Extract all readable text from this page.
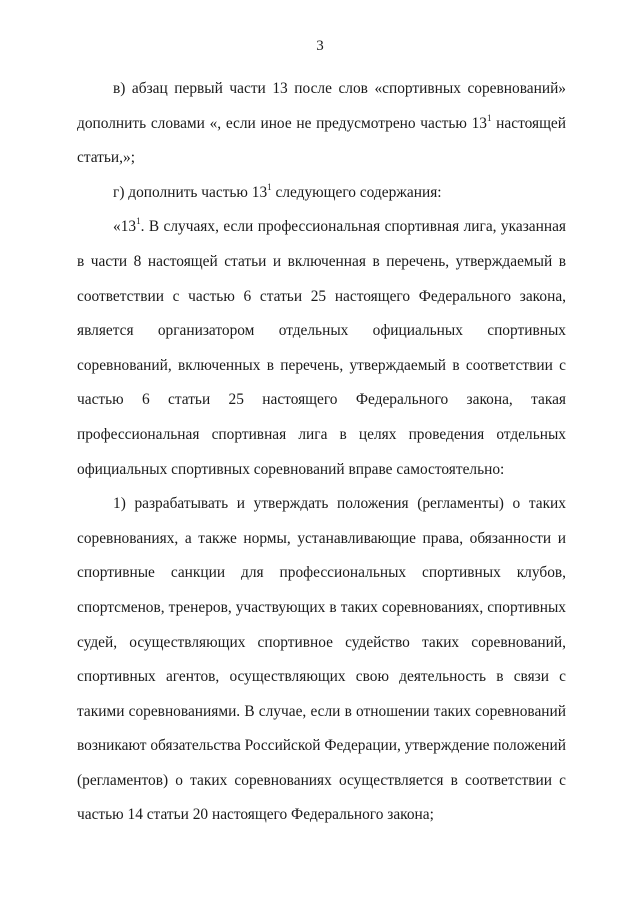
3

в) абзац первый части 13 после слов «спортивных соревнований» дополнить словами «, если иное не предусмотрено частью $13^1$ настоящей статьи,»;

г) дополнить частью $13^1$ следующего содержания:

«$13^1$. В случаях, если профессиональная спортивная лига, указанная в части 8 настоящей статьи и включенная в перечень, утверждаемый в соответствии с частью 6 статьи 25 настоящего Федерального закона, является организатором отдельных официальных спортивных соревнований, включенных в перечень, утверждаемый в соответствии с частью 6 статьи 25 настоящего Федерального закона, такая профессиональная спортивная лига в целях проведения отдельных официальных спортивных соревнований вправе самостоятельно:

1) разрабатывать и утверждать положения (регламенты) о таких соревнованиях, а также нормы, устанавливающие права, обязанности и спортивные санкции для профессиональных спортивных клубов, спортсменов, тренеров, участвующих в таких соревнованиях, спортивных судей, осуществляющих спортивное судейство таких соревнований, спортивных агентов, осуществляющих свою деятельность в связи с такими соревнованиями. В случае, если в отношении таких соревнований возникают обязательства Российской Федерации, утверждение положений (регламентов) о таких соревнованиях осуществляется в соответствии с частью 14 статьи 20 настоящего Федерального закона;
